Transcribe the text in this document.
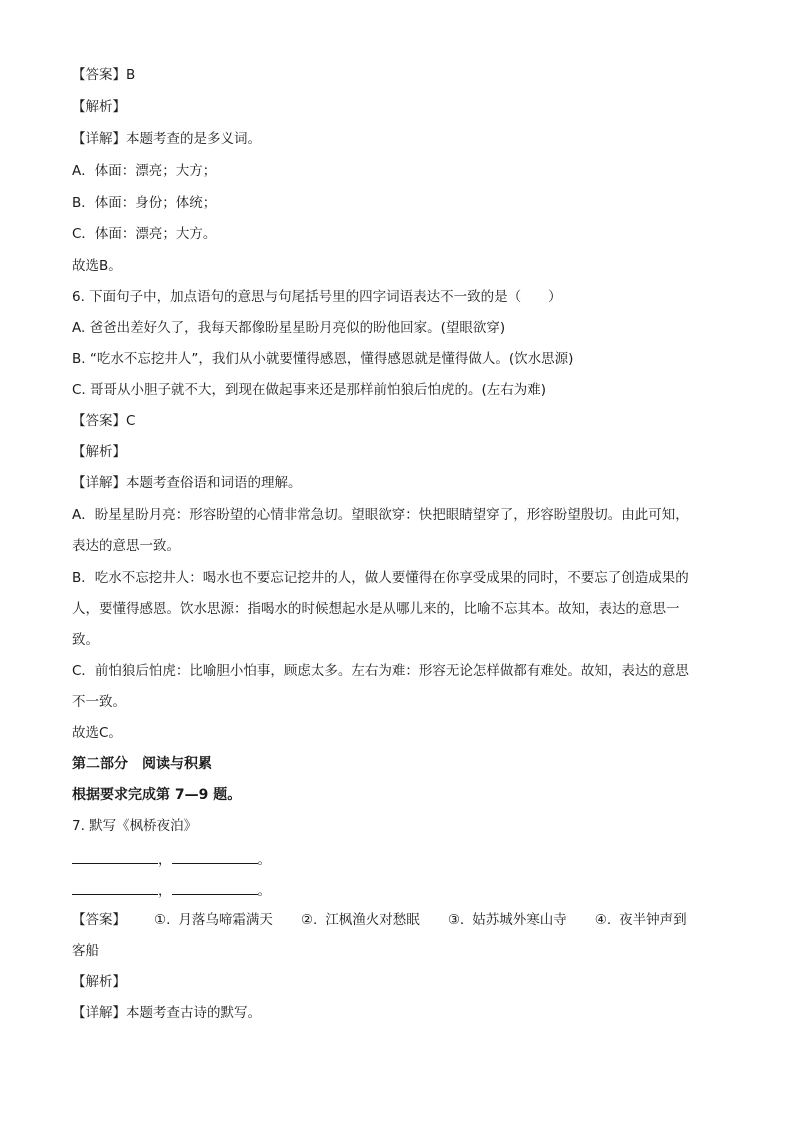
【答案】B
【解析】
【详解】本题考查的是多义词。
A．体面：漂亮；大方；
B．体面：身份；体统；
C．体面：漂亮；大方。
故选B。
6. 下面句子中，加点语句的意思与句尾括号里的四字词语表达不一致的是（　　）
A. 爸爸出差好久了，我每天都像盼星星盼月亮似的盼他回家。(望眼欲穿)
B. “吃水不忘挖井人”，我们从小就要懂得感恩，懂得感恩就是懂得做人。(饮水思源)
C. 哥哥从小胆子就不大，到现在做起事来还是那样前怕狼后怕虎的。(左右为难)
【答案】C
【解析】
【详解】本题考查俗语和词语的理解。
A．盼星星盼月亮：形容盼望的心情非常急切。望眼欲穿：快把眼睛望穿了，形容盼望殷切。由此可知，
表达的意思一致。
B．吃水不忘挖井人：喝水也不要忘记挖井的人，做人要懂得在你享受成果的同时，不要忘了创造成果的
人，要懂得感恩。饮水思源：指喝水的时候想起水是从哪儿来的，比喻不忘其本。故知，表达的意思一
致。
C．前怕狼后怕虎：比喻胆小怕事，顾虑太多。左右为难：形容无论怎样做都有难处。故知，表达的意思
不一致。
故选C。
第二部分　阅读与积累
根据要求完成第 7—9 题。
7. 默写《枫桥夜泊》
，	。
，	。
【答案】 ①. 月落乌啼霜满天 ②. 江枫渔火对愁眠 ③. 姑苏城外寒山寺 ④. 夜半钟声到
客船
【解析】
【详解】本题考查古诗的默写。
